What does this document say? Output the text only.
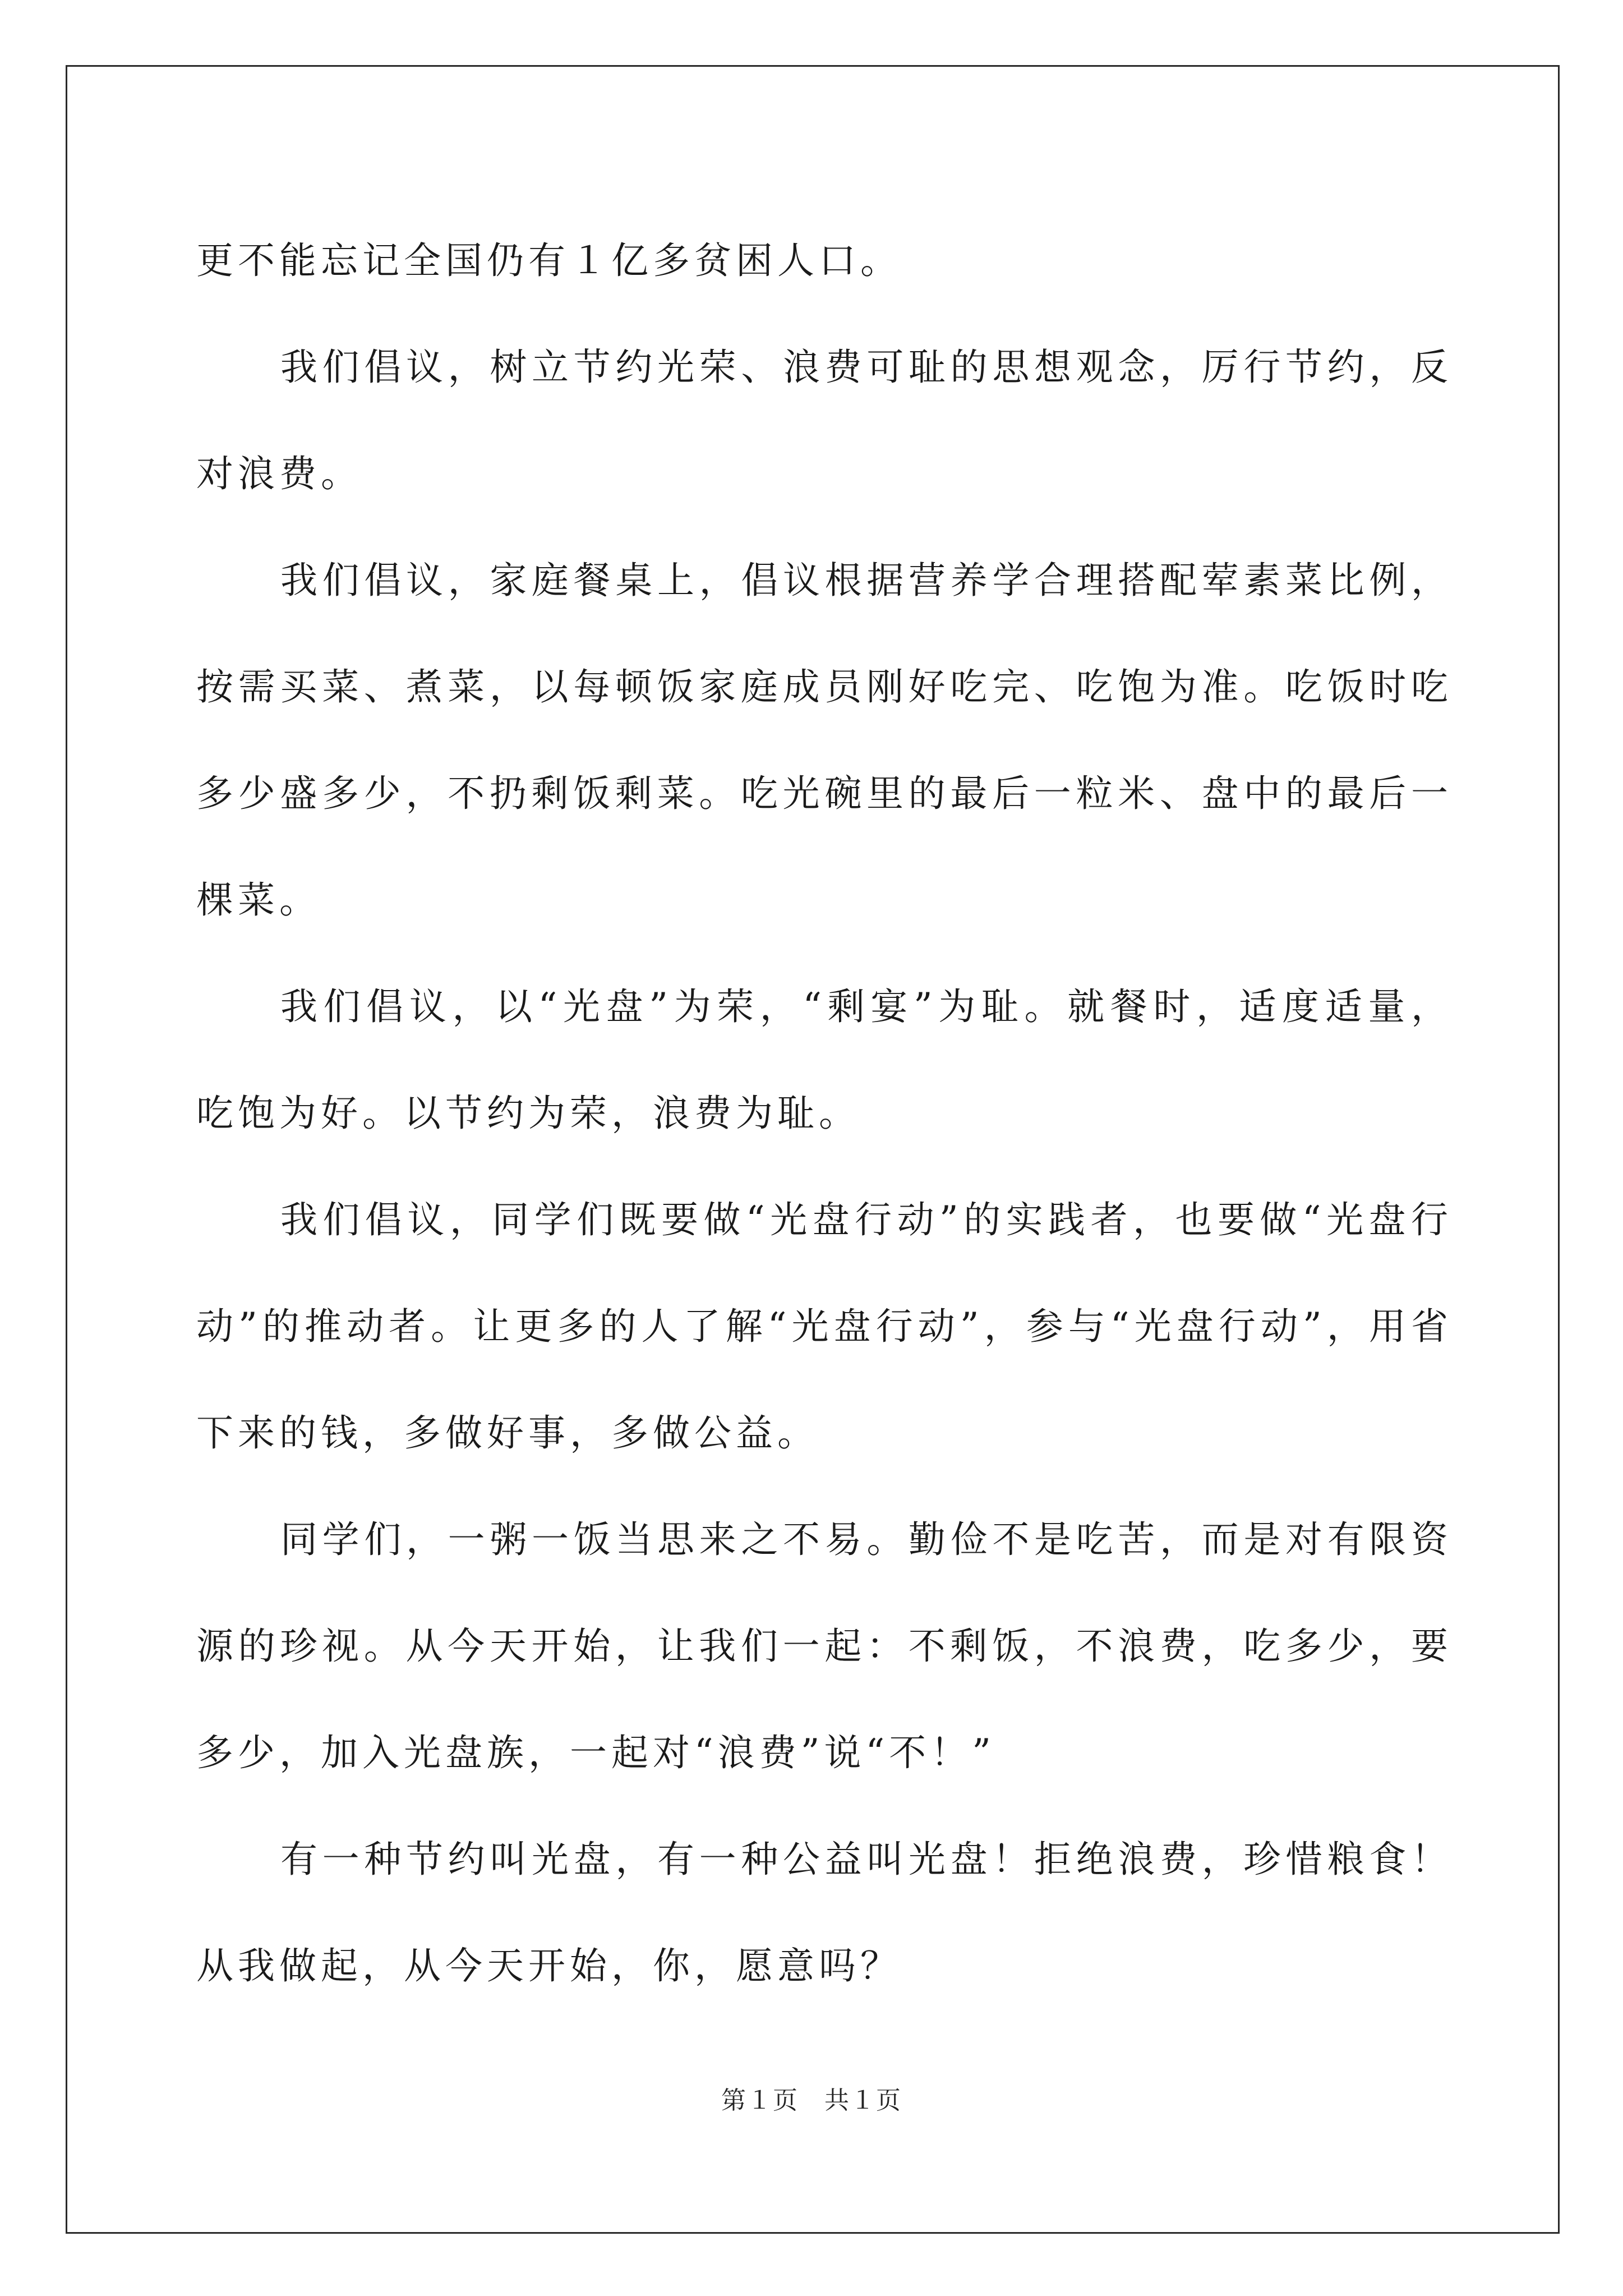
更不能忘记全国仍有１亿多贫困人口。

我们倡议，树立节约光荣、浪费可耻的思想观念，厉行节约，反对浪费。

我们倡议，家庭餐桌上，倡议根据营养学合理搭配荤素菜比例，按需买菜、煮菜，以每顿饭家庭成员刚好吃完、吃饱为准。吃饭时吃多少盛多少，不扔剩饭剩菜。吃光碗里的最后一粒米、盘中的最后一棵菜。

我们倡议，以“光盘”为荣，“剩宴”为耻。就餐时，适度适量，吃饱为好。以节约为荣，浪费为耻。

我们倡议，同学们既要做“光盘行动”的实践者，也要做“光盘行动”的推动者。让更多的人了解“光盘行动”，参与“光盘行动”，用省下来的钱，多做好事，多做公益。

同学们，一粥一饭当思来之不易。勤俭不是吃苦，而是对有限资源的珍视。从今天开始，让我们一起：不剩饭，不浪费，吃多少，要多少，加入光盘族，一起对“浪费”说“不！”

有一种节约叫光盘，有一种公益叫光盘！拒绝浪费，珍惜粮食！从我做起，从今天开始，你，愿意吗？

第１页　共１页
